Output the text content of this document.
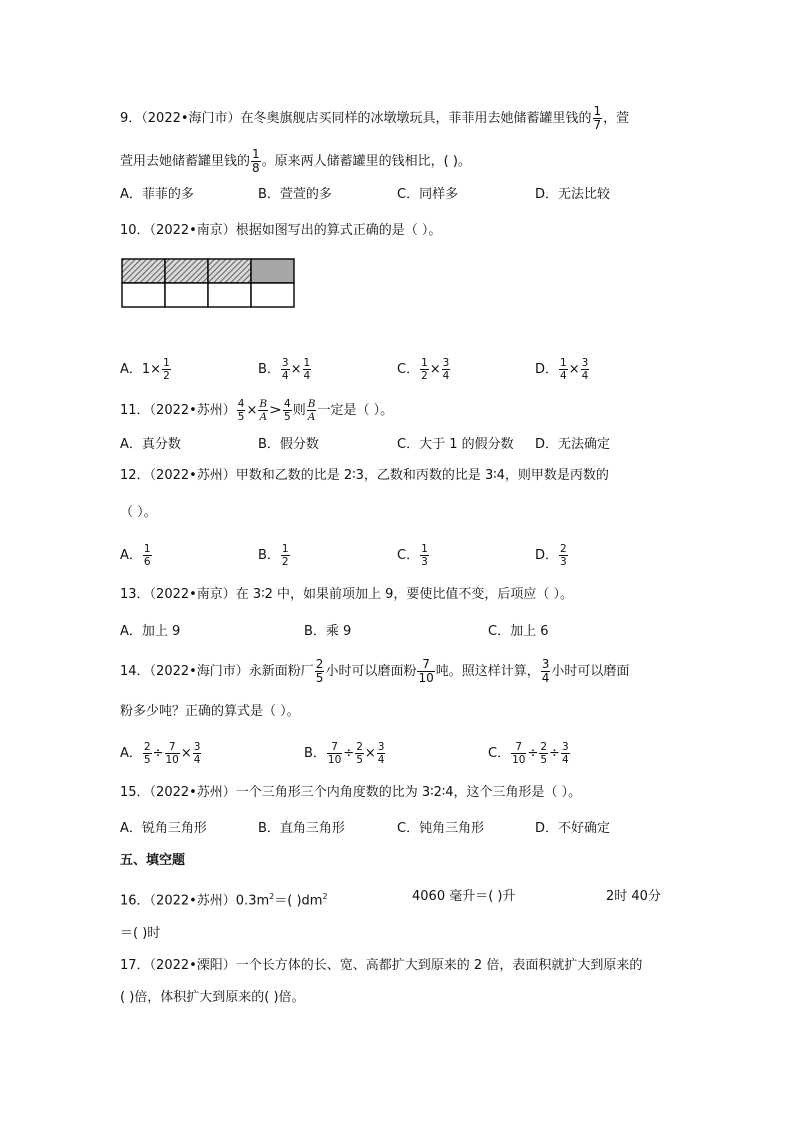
9．（2022•海门市）在冬奥旗舰店买同样的冰墩墩玩具，菲菲用去她储蓄罐里钱的 $\frac{1}{7}$ ，萱
萱用去她储蓄罐里钱的 $\frac{1}{8}$ 。原来两人储蓄罐里的钱相比，( )。
A．菲菲的多	B．萱萱的多	C．同样多	D．无法比较
10．（2022•南京）根据如图写出的算式正确的是（ ）。
A．$1\times \frac{1}{2}$	B． $\frac{3}{4} \times \frac{1}{4}$	C． $\frac{1}{2} \times \frac{3}{4}$	D． $\frac{1}{4} \times \frac{3}{4}$
11．（2022•苏州） $\frac{4}{5} \times \frac{B}{A} > \frac{4}{5}$ 则 $\frac{B}{A}$ 一定是（ ）。
A．真分数	B．假分数	C．大于 1 的假分数 D．无法确定
12．（2022•苏州）甲数和乙数的比是 2∶3，乙数和丙数的比是 3∶4，则甲数是丙数的
（ ）。
A． $\frac{1}{6}$	B． $\frac{1}{2}$	C． $\frac{1}{3}$	D． $\frac{2}{3}$
13．（2022•南京）在 3∶2 中，如果前项加上 9，要使比值不变，后项应（ ）。
A．加上 9	B．乘 9	C．加上 6
14．（2022•海门市）永新面粉厂 $\frac{2}{5}$ 小时可以磨面粉 $\frac{7}{10}$ 吨。照这样计算， $\frac{3}{4}$ 小时可以磨面
粉多少吨？正确的算式是（ ）。
A． $\frac{2}{5} \div \frac{7}{10} \times \frac{3}{4}$	B． $\frac{7}{10} \div \frac{2}{5} \times \frac{3}{4}$	C． $\frac{7}{10} \div \frac{2}{5} \div \frac{3}{4}$
15．（2022•苏州）一个三角形三个内角度数的比为 3∶2∶4，这个三角形是（ ）。
A．锐角三角形	B．直角三角形	C．钝角三角形	D．不好确定
五、填空题
16．（2022•苏州）$0.3m^2=$( )$dm^2$	4060 毫升＝( )升	2时 40分
＝( )时
17．（2022•溧阳）一个长方体的长、宽、高都扩大到原来的 2 倍，表面积就扩大到原来的
( )倍，体积扩大到原来的( )倍。
